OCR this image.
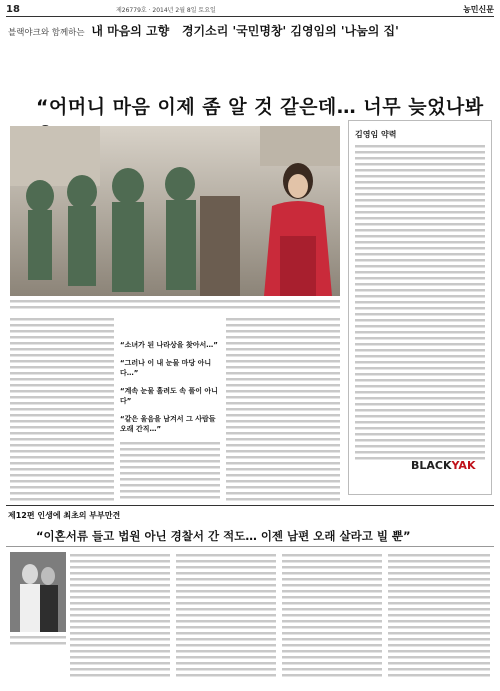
18	제26779호 · 2014년 2월 8일 토요일	농민신문
블랙야크와 함께하는 내 마음의 고향 경기소리 '국민명창' 김영임의 '나눔의 집'
“어머니 마음 이제 좀 알 것 같은데… 너무 늦었나봐

“소녀가 된 나라상을 찾아서…”

“그러나 이 내 눈물 마당 아니다…”

“계속 눈물 흘려도 속 풀이 아니다”

“같은 울음을 남겨서 그 사람들 오래 간직…”

김영임 약력
BLACKYAK
제12편 인생에 최초의 부부만견
“이혼서류 들고 법원 아닌 경찰서 간 적도… 이젠 남편 오래 살라고 빌 뿐”
